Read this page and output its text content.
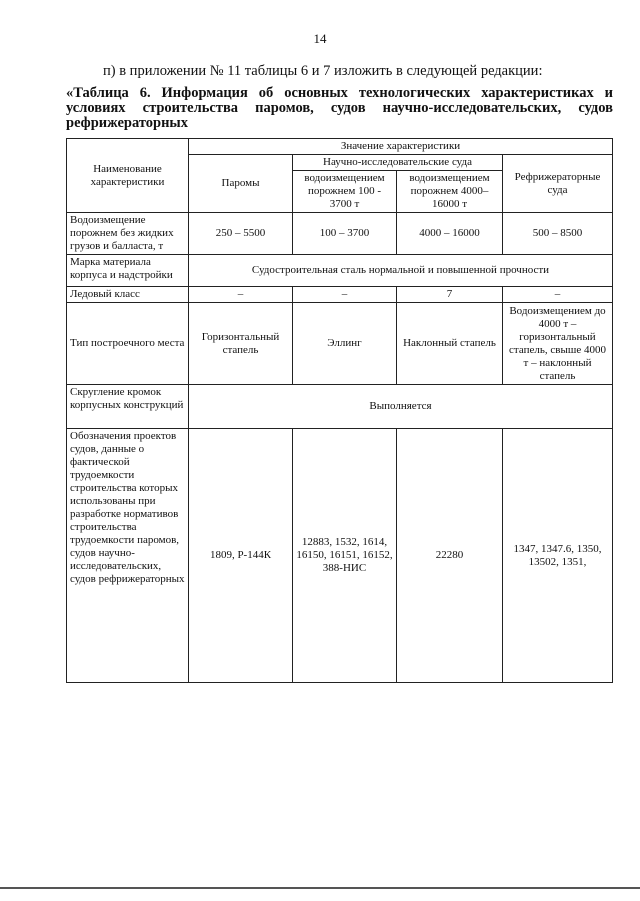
14
п) в приложении № 11 таблицы 6 и 7 изложить в следующей редакции:
«Таблица 6. Информация об основных технологических характеристиках и условиях строительства паромов, судов научно-исследовательских, судов рефрижераторных
Наименование характеристики	Значение характеристики			
	Паромы	Научно-исследовательские суда		Рефрижераторные суда
		водоизмещением порожнем 100 - 3700 т	водоизмещением порожнем 4000–16000 т	
Водоизмещение порожнем без жидких грузов и балласта, т	250 – 5500	100 – 3700	4000 – 16000	500 – 8500
Марка материала корпуса и надстройки	Судостроительная сталь нормальной и повышенной прочности			
Ледовый класс	–	–	7	–
Тип построечного места	Горизонтальный стапель	Эллинг	Наклонный стапель	Водоизмещением до 4000 т – горизонтальный стапель, свыше 4000 т – наклонный стапель
Скругление кромок корпусных конструкций	Выполняется			
Обозначения проектов судов, данные о фактической трудоемкости строительства которых использованы при разработке нормативов строительства трудоемкости паромов, судов научно-исследовательских, судов рефрижераторных	1809, Р-144К	12883, 1532, 1614, 16150, 16151, 16152, 388-НИС	22280	1347, 1347.6, 1350, 13502, 1351,
